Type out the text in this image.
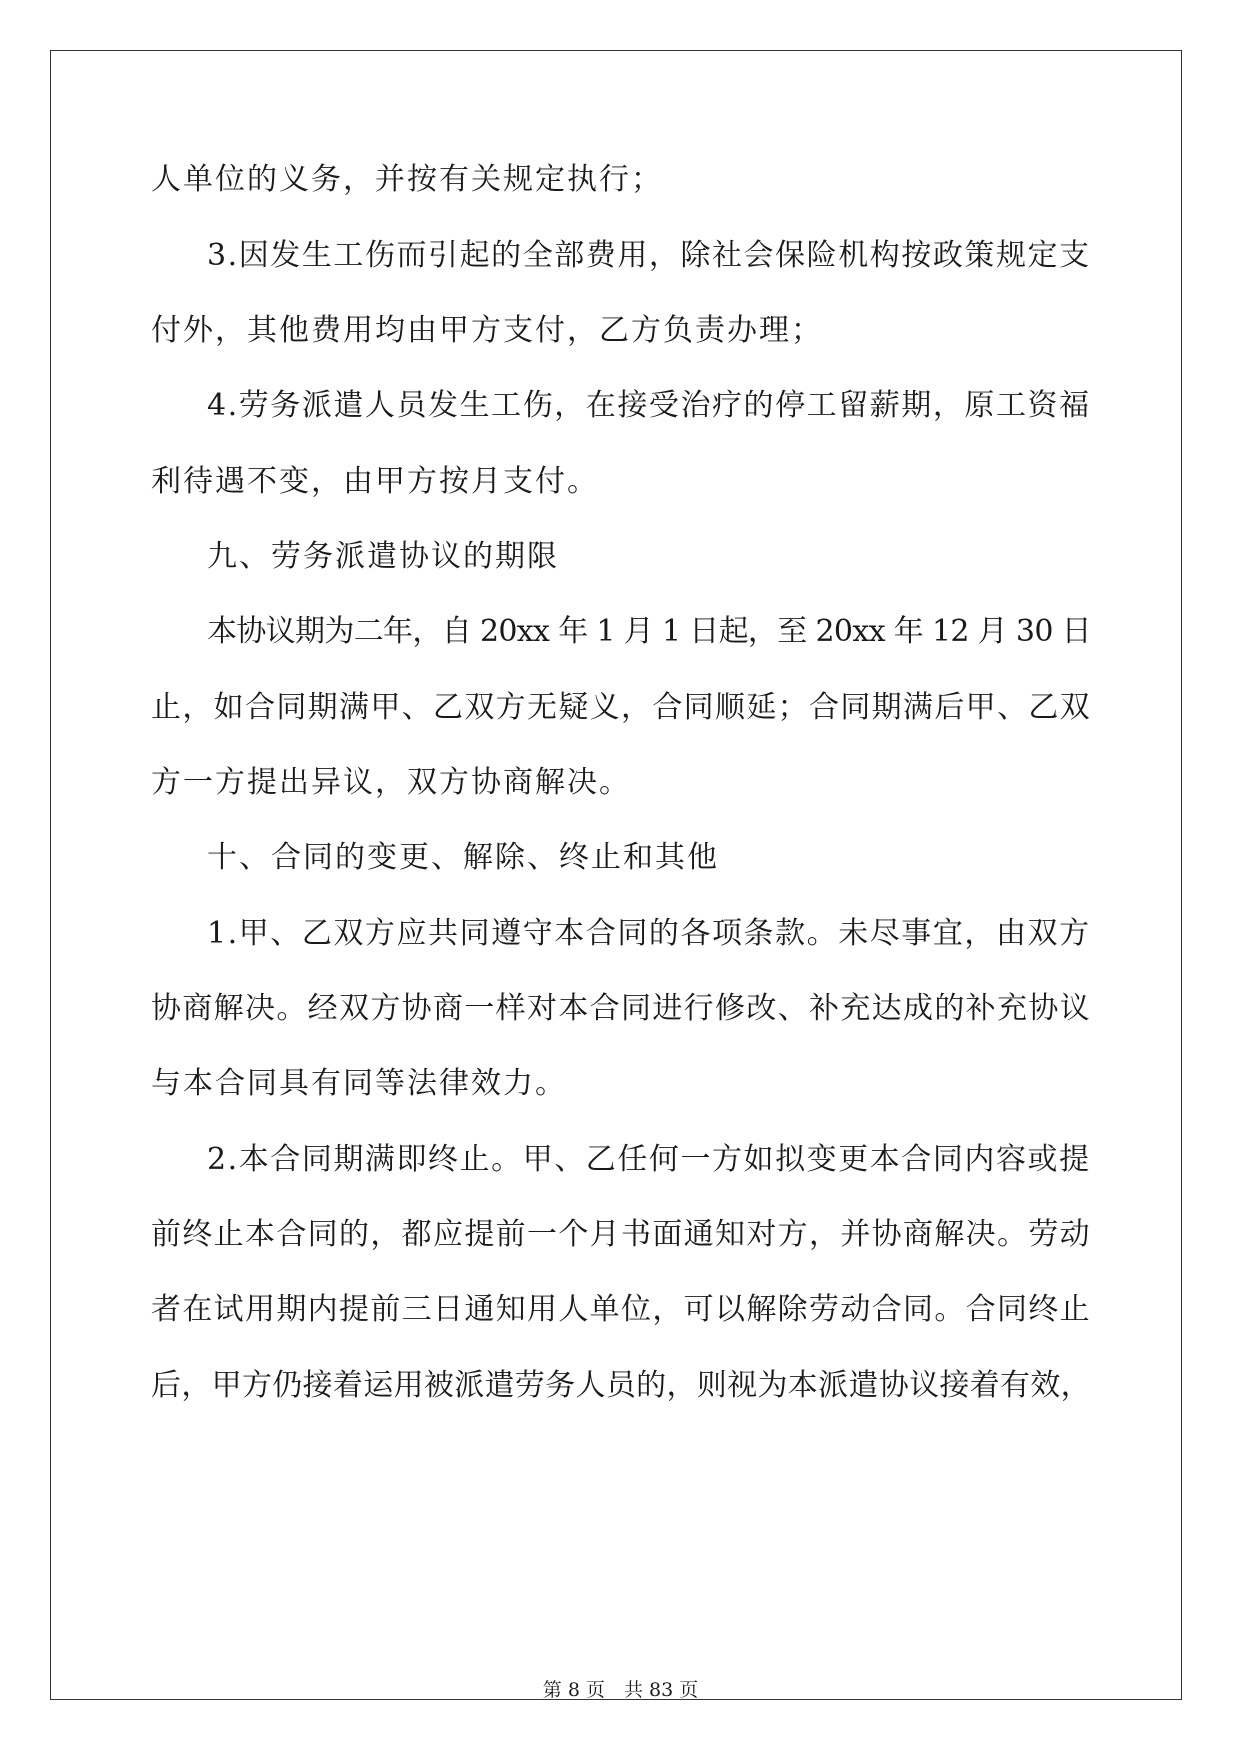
人单位的义务，并按有关规定执行；
3.因发生工伤而引起的全部费用，除社会保险机构按政策规定支
付外，其他费用均由甲方支付，乙方负责办理；
4.劳务派遣人员发生工伤，在接受治疗的停工留薪期，原工资福
利待遇不变，由甲方按月支付。
九、劳务派遣协议的期限
本协议期为二年，自 20xx 年 1 月 1 日起，至 20xx 年 12 月 30 日
止，如合同期满甲、乙双方无疑义，合同顺延；合同期满后甲、乙双
方一方提出异议，双方协商解决。
十、合同的变更、解除、终止和其他
1.甲、乙双方应共同遵守本合同的各项条款。未尽事宜，由双方
协商解决。经双方协商一样对本合同进行修改、补充达成的补充协议
与本合同具有同等法律效力。
2.本合同期满即终止。甲、乙任何一方如拟变更本合同内容或提
前终止本合同的，都应提前一个月书面通知对方，并协商解决。劳动
者在试用期内提前三日通知用人单位，可以解除劳动合同。合同终止
后，甲方仍接着运用被派遣劳务人员的，则视为本派遣协议接着有效，
第 8 页　共 83 页
